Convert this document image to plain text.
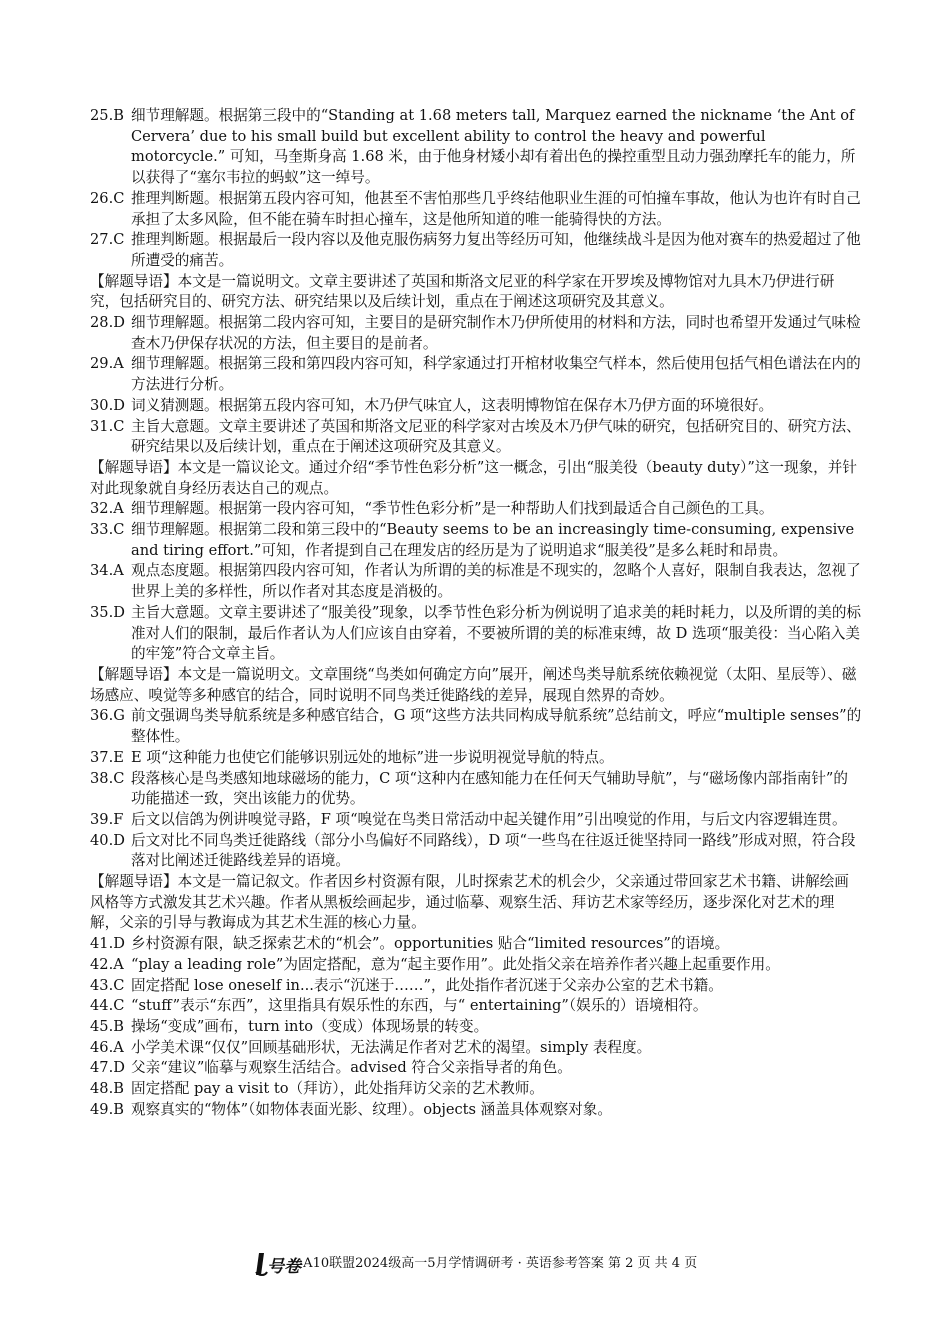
25.B 细节理解题。根据第三段中的“Standing at 1.68 meters tall, Marquez earned the nickname ‘the Ant of Cervera’ due to his small build but excellent ability to control the heavy and powerful motorcycle.” 可知，马奎斯身高 1.68 米，由于他身材矮小却有着出色的操控重型且动力强劲摩托车的能力，所以获得了“塞尔韦拉的蚂蚁”这一绰号。
26.C 推理判断题。根据第五段内容可知，他甚至不害怕那些几乎终结他职业生涯的可怕撞车事故，他认为也许有时自己承担了太多风险，但不能在骑车时担心撞车，这是他所知道的唯一能骑得快的方法。
27.C 推理判断题。根据最后一段内容以及他克服伤病努力复出等经历可知，他继续战斗是因为他对赛车的热爱超过了他所遭受的痛苦。
【解题导语】本文是一篇说明文。文章主要讲述了英国和斯洛文尼亚的科学家在开罗埃及博物馆对九具木乃伊进行研究，包括研究目的、研究方法、研究结果以及后续计划，重点在于阐述这项研究及其意义。
28.D 细节理解题。根据第二段内容可知，主要目的是研究制作木乃伊所使用的材料和方法，同时也希望开发通过气味检查木乃伊保存状况的方法，但主要目的是前者。
29.A 细节理解题。根据第三段和第四段内容可知，科学家通过打开棺材收集空气样本，然后使用包括气相色谱法在内的方法进行分析。
30.D 词义猜测题。根据第五段内容可知，木乃伊气味宜人，这表明博物馆在保存木乃伊方面的环境很好。
31.C 主旨大意题。文章主要讲述了英国和斯洛文尼亚的科学家对古埃及木乃伊气味的研究，包括研究目的、研究方法、研究结果以及后续计划，重点在于阐述这项研究及其意义。
【解题导语】本文是一篇议论文。通过介绍“季节性色彩分析”这一概念，引出“服美役（beauty duty）”这一现象，并针对此现象就自身经历表达自己的观点。
32.A 细节理解题。根据第一段内容可知，“季节性色彩分析”是一种帮助人们找到最适合自己颜色的工具。
33.C 细节理解题。根据第二段和第三段中的“Beauty seems to be an increasingly time-consuming, expensive and tiring effort.”可知，作者提到自己在理发店的经历是为了说明追求“服美役”是多么耗时和昂贵。
34.A 观点态度题。根据第四段内容可知，作者认为所谓的美的标准是不现实的，忽略个人喜好，限制自我表达，忽视了世界上美的多样性，所以作者对其态度是消极的。
35.D 主旨大意题。文章主要讲述了“服美役”现象，以季节性色彩分析为例说明了追求美的耗时耗力，以及所谓的美的标准对人们的限制，最后作者认为人们应该自由穿着，不要被所谓的美的标准束缚，故 D 选项“服美役：当心陷入美的牢笼”符合文章主旨。
【解题导语】本文是一篇说明文。文章围绕“鸟类如何确定方向”展开，阐述鸟类导航系统依赖视觉（太阳、星辰等）、磁场感应、嗅觉等多种感官的结合，同时说明不同鸟类迁徙路线的差异，展现自然界的奇妙。
36.G 前文强调鸟类导航系统是多种感官结合，G 项“这些方法共同构成导航系统”总结前文，呼应“multiple senses”的整体性。
37.E E 项“这种能力也使它们能够识别远处的地标”进一步说明视觉导航的特点。
38.C 段落核心是鸟类感知地球磁场的能力，C 项“这种内在感知能力在任何天气辅助导航”，与“磁场像内部指南针”的功能描述一致，突出该能力的优势。
39.F 后文以信鸽为例讲嗅觉寻路，F 项“嗅觉在鸟类日常活动中起关键作用”引出嗅觉的作用，与后文内容逻辑连贯。
40.D 后文对比不同鸟类迁徙路线（部分小鸟偏好不同路线），D 项“一些鸟在往返迁徙坚持同一路线”形成对照，符合段落对比阐述迁徙路线差异的语境。
【解题导语】本文是一篇记叙文。作者因乡村资源有限，儿时探索艺术的机会少，父亲通过带回家艺术书籍、讲解绘画风格等方式激发其艺术兴趣。作者从黑板绘画起步，通过临摹、观察生活、拜访艺术家等经历，逐步深化对艺术的理解，父亲的引导与教诲成为其艺术生涯的核心力量。
41.D 乡村资源有限，缺乏探索艺术的“机会”。opportunities 贴合“limited resources”的语境。
42.A “play a leading role”为固定搭配，意为“起主要作用”。此处指父亲在培养作者兴趣上起重要作用。
43.C 固定搭配 lose oneself in...表示“沉迷于……”，此处指作者沉迷于父亲办公室的艺术书籍。
44.C “stuff”表示“东西”，这里指具有娱乐性的东西，与“ entertaining”（娱乐的）语境相符。
45.B 操场“变成”画布，turn into（变成）体现场景的转变。
46.A 小学美术课“仅仅”回顾基础形状，无法满足作者对艺术的渴望。simply 表程度。
47.D 父亲“建议”临摹与观察生活结合。advised 符合父亲指导者的角色。
48.B 固定搭配 pay a visit to（拜访），此处指拜访父亲的艺术教师。
49.B 观察真实的“物体”（如物体表面光影、纹理）。objects 涵盖具体观察对象。
号卷
· A10联盟2024级高一5月学情调研考 · 英语参考答案 第 2 页 共 4 页
